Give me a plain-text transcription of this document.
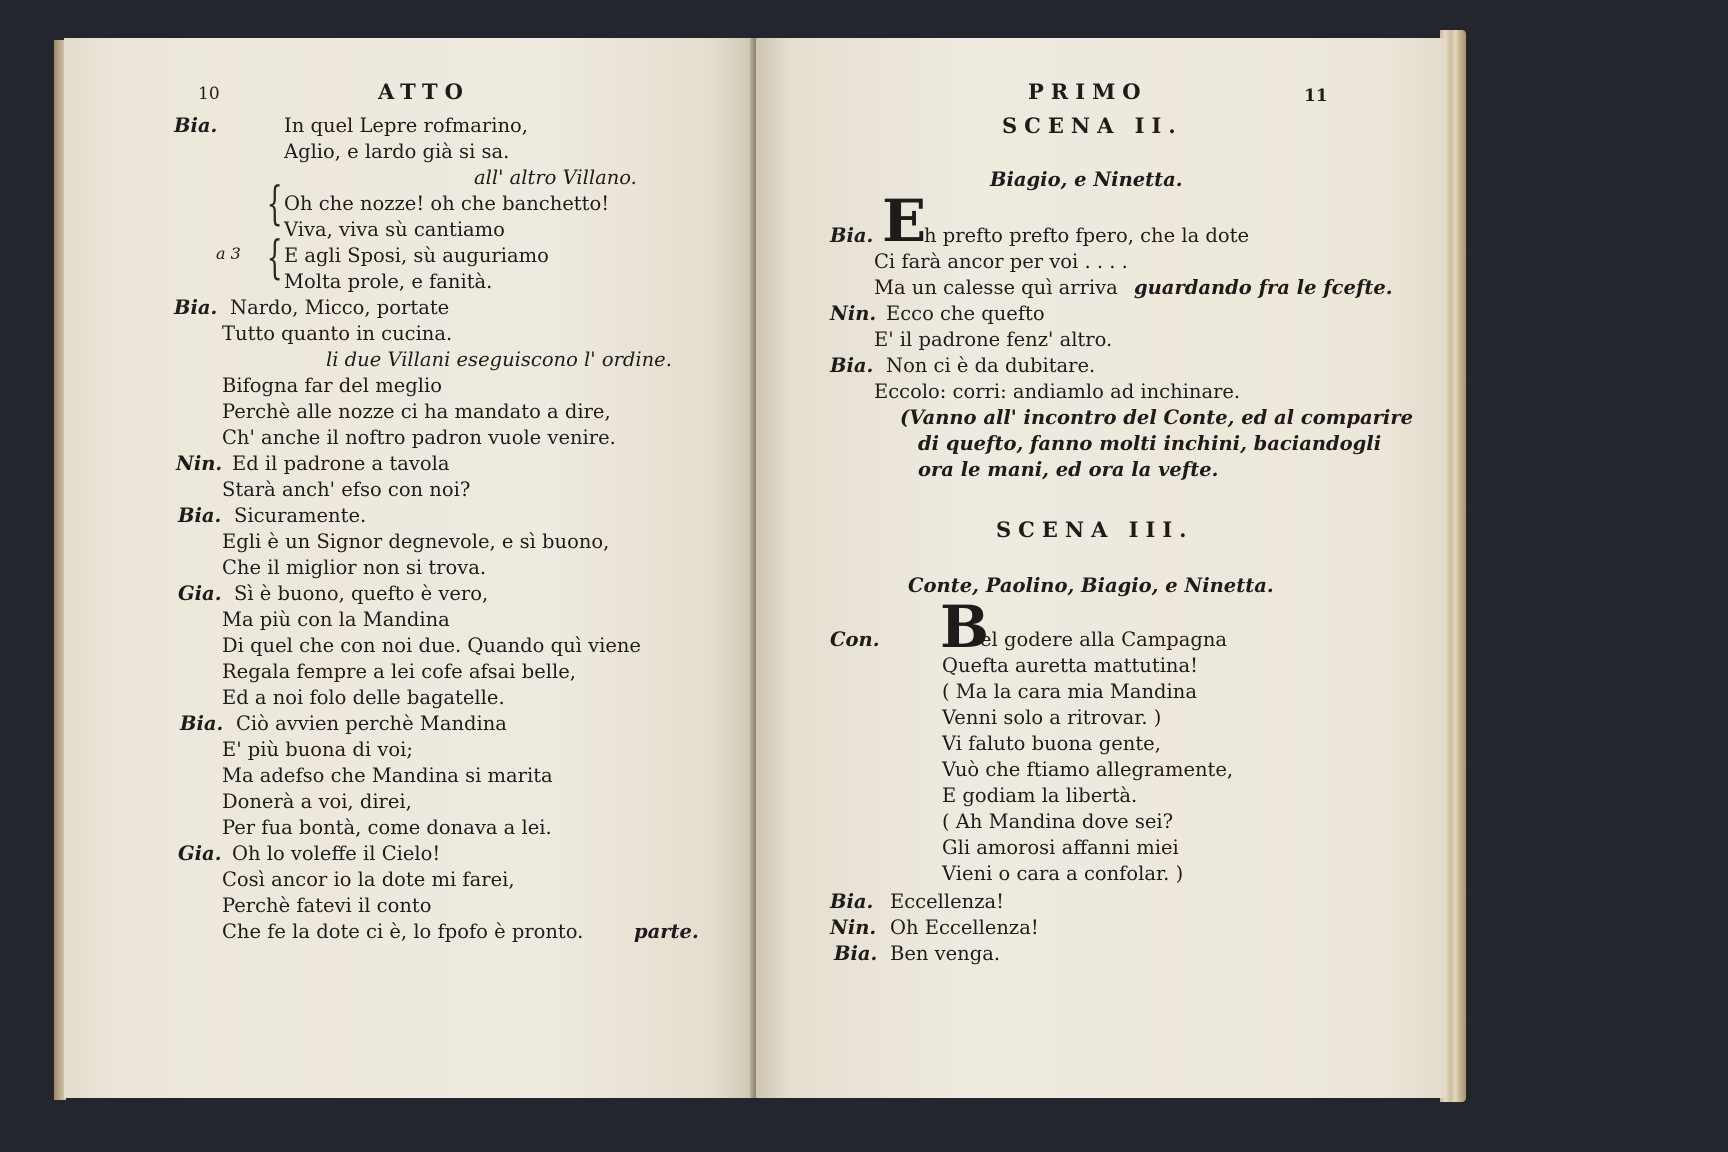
10	ATTO
Bia.	In quel Lepre rofmarino,
Aglio, e lardo già si sa.
all' altro Villano.
{ Oh che nozze! oh che banchetto!
Viva, viva sù cantiamo
a 3 { E agli Sposi, sù auguriamo
Molta prole, e fanità.
Bia. Nardo, Micco, portate
Tutto quanto in cucina.
li due Villani eseguiscono l' ordine.
Bifogna far del meglio
Perchè alle nozze ci ha mandato a dire,
Ch' anche il noftro padron vuole venire.
Nin. Ed il padrone a tavola
Starà anch' efso con noi?
Bia. Sicuramente.
Egli è un Signor degnevole, e sì buono,
Che il miglior non si trova.
Gia. Sì è buono, quefto è vero,
Ma più con la Mandina
Di quel che con noi due. Quando quì viene
Regala fempre a lei cofe afsai belle,
Ed a noi folo delle bagatelle.
Bia. Ciò avvien perchè Mandina
E' più buona di voi;
Ma adefso che Mandina si marita
Donerà a voi, direi,
Per fua bontà, come donava a lei.
Gia. Oh lo voleffe il Cielo!
Così ancor io la dote mi farei,
Perchè fatevi il conto
Che fe la dote ci è, lo fpofo è pronto.	parte.
PRIMO	11
SCENA II.
Biagio, e Ninetta.
Bia. E
h prefto prefto fpero, che la dote
Ci farà ancor per voi . . . .
Ma un calesse quì arriva guardando fra le fcefte.
Nin. Ecco che quefto
E' il padrone fenz' altro.
Bia. Non ci è da dubitare.
Eccolo: corri: andiamlo ad inchinare.
(Vanno all' incontro del Conte, ed al comparire
di quefto, fanno molti inchini, baciandogli
ora le mani, ed ora la vefte.
SCENA III.
Conte, Paolino, Biagio, e Ninetta.
Con. B
el godere alla Campagna
Quefta auretta mattutina!
( Ma la cara mia Mandina
Venni solo a ritrovar. )
Vi faluto buona gente,
Vuò che ftiamo allegramente,
E godiam la libertà.
( Ah Mandina dove sei?
Gli amorosi affanni miei
Vieni o cara a confolar. )
Bia. Eccellenza!
Nin. Oh Eccellenza!
Bia. Ben venga.
